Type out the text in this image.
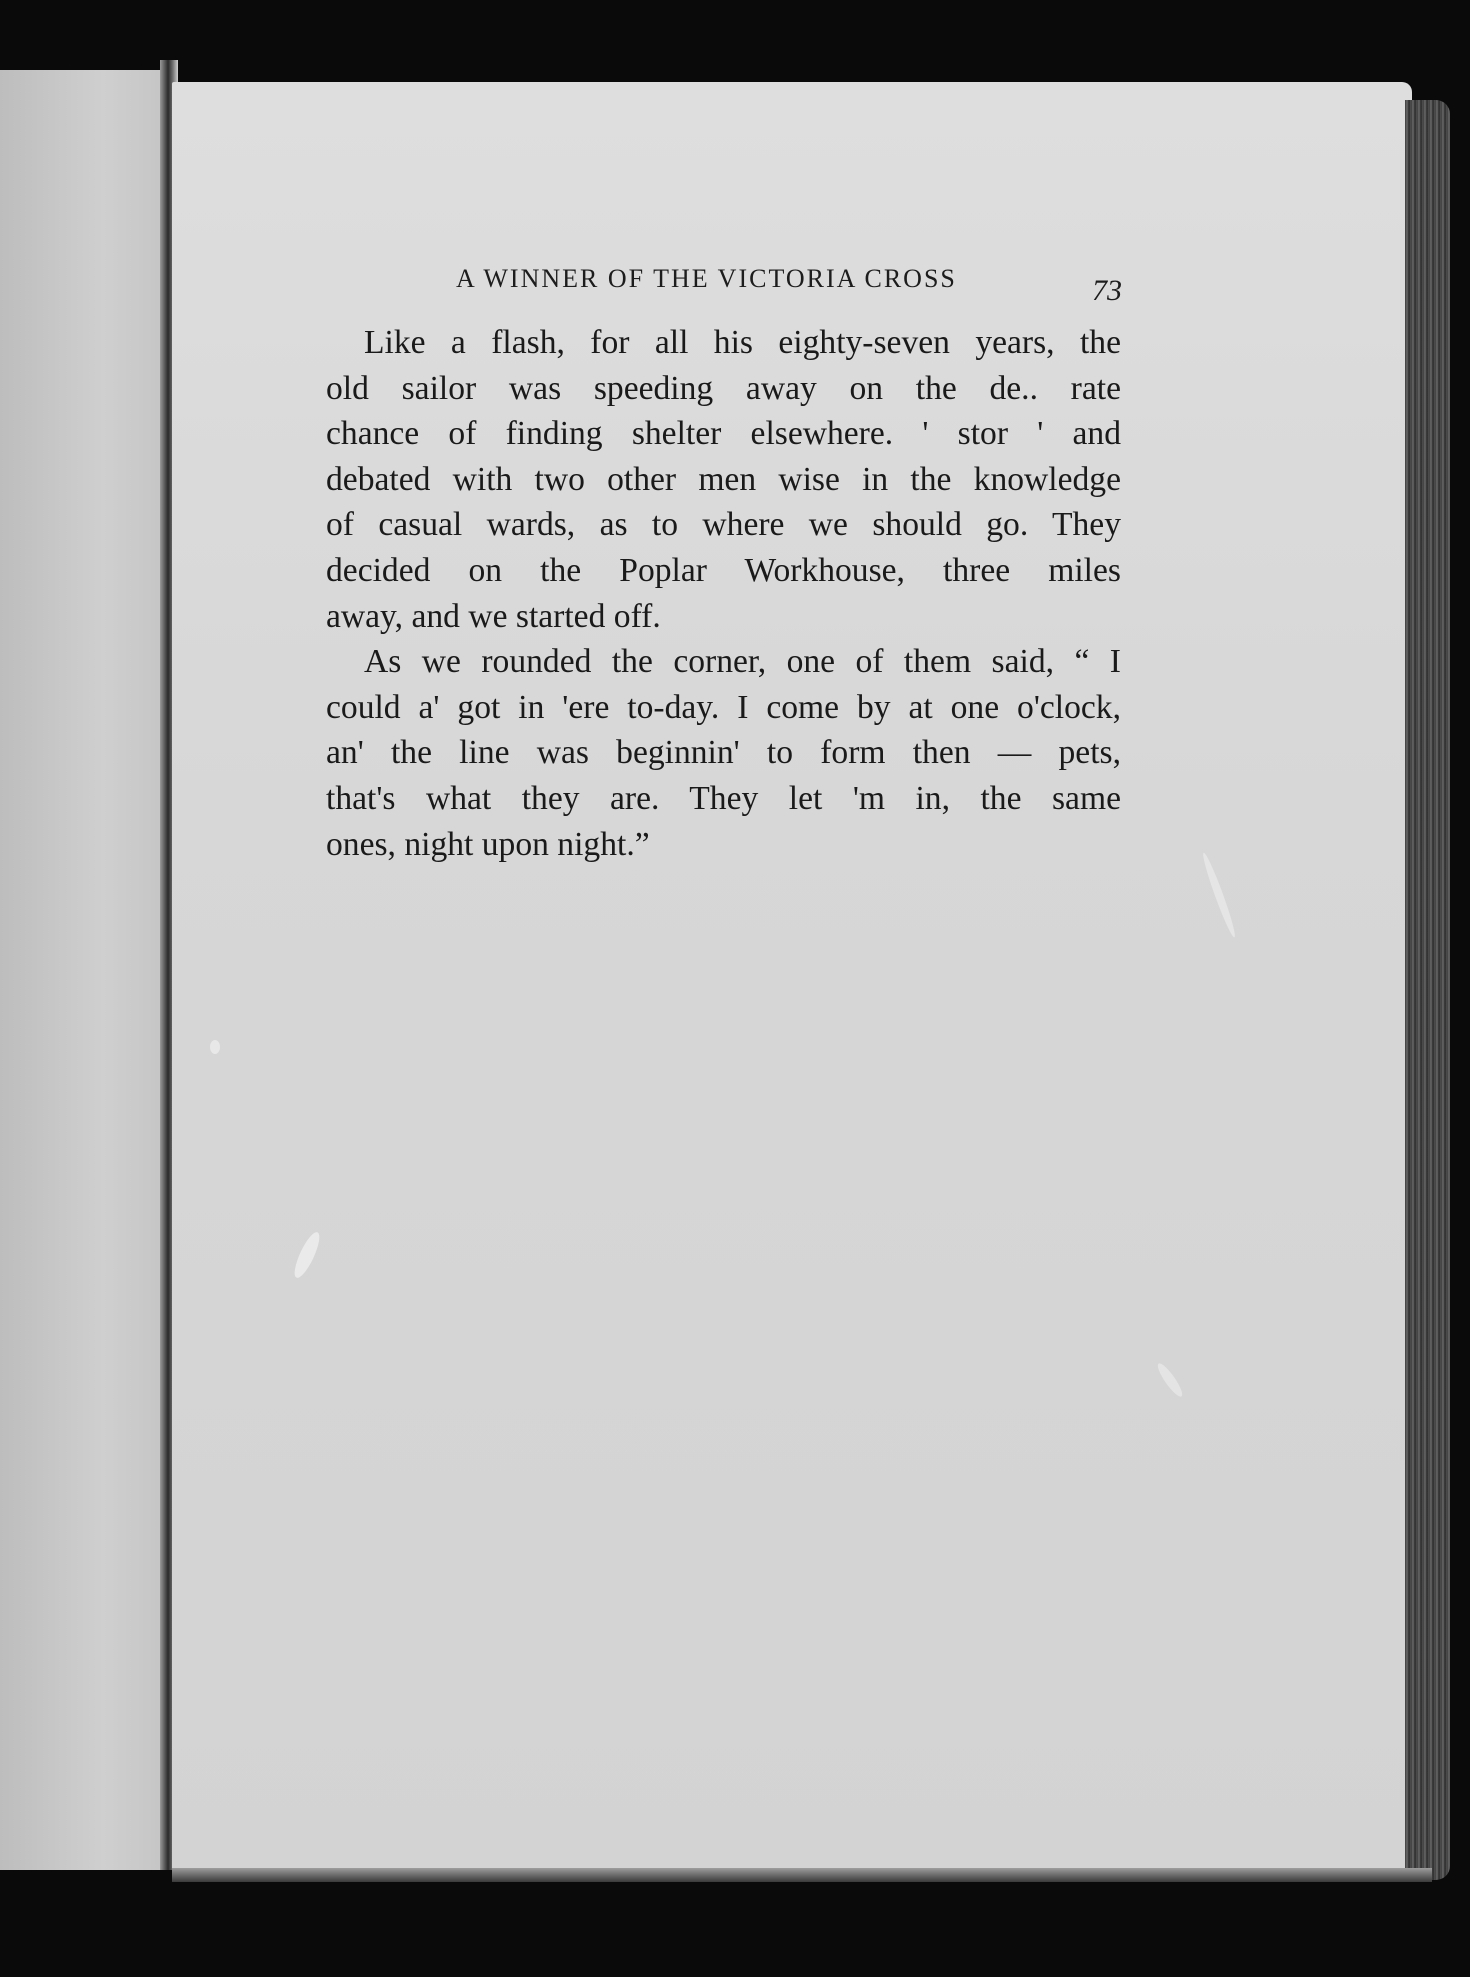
A WINNER OF THE VICTORIA CROSS	73
Like a flash, for all his eighty-seven years, the
old sailor was speeding away on the de.. rate
chance of finding shelter elsewhere. ' stor ' and
debated with two other men wise in the knowledge
of casual wards, as to where we should go. They
decided on the Poplar Workhouse, three miles
away, and we started off.
As we rounded the corner, one of them said, “ I
could a' got in 'ere to-day. I come by at one o'clock,
an' the line was beginnin' to form then — pets,
that's what they are. They let 'm in, the same
ones, night upon night.”
